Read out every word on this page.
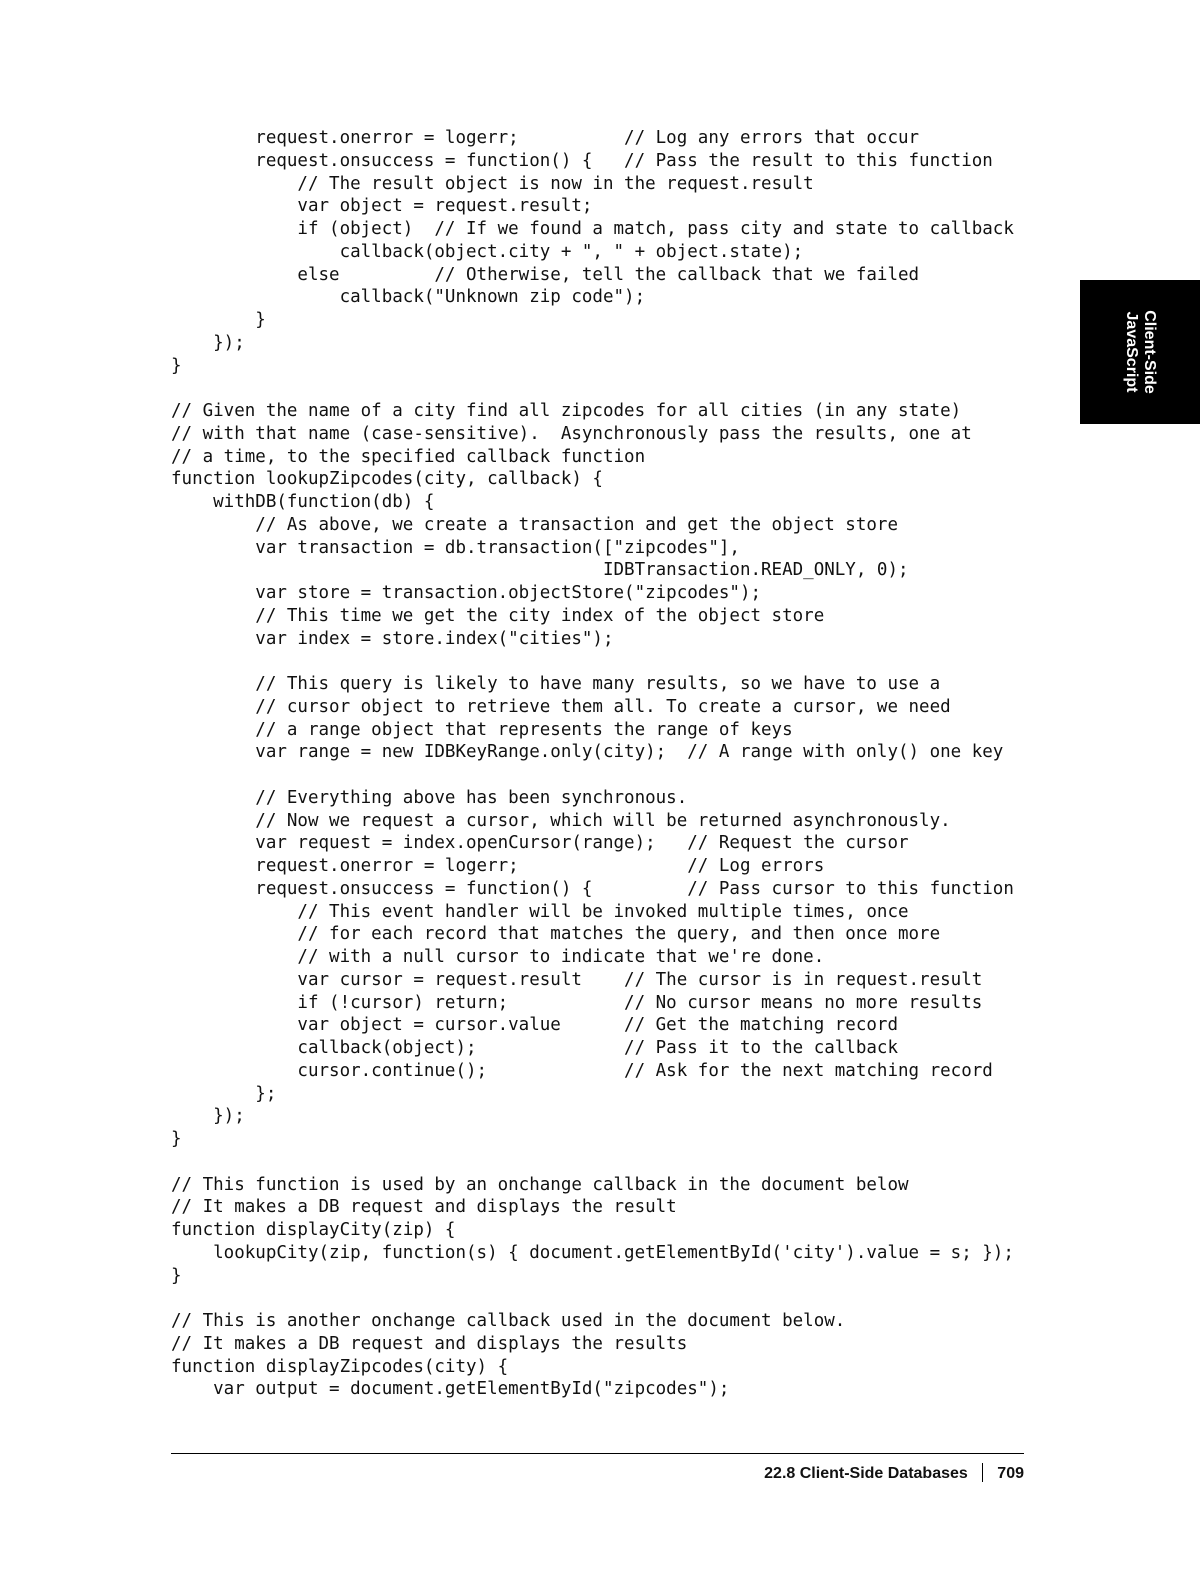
request.onerror = logerr;          // Log any errors that occur
request.onsuccess = function() {   // Pass the result to this function
// The result object is now in the request.result
var object = request.result;
if (object)  // If we found a match, pass city and state to callback
callback(object.city + ", " + object.state);
else         // Otherwise, tell the callback that we failed
callback("Unknown zip code");
}
});
}
// Given the name of a city find all zipcodes for all cities (in any state)
// with that name (case-sensitive).  Asynchronously pass the results, one at
// a time, to the specified callback function
function lookupZipcodes(city, callback) {
withDB(function(db) {
// As above, we create a transaction and get the object store
var transaction = db.transaction(["zipcodes"],
IDBTransaction.READ_ONLY, 0);
var store = transaction.objectStore("zipcodes");
// This time we get the city index of the object store
var index = store.index("cities");
// This query is likely to have many results, so we have to use a
// cursor object to retrieve them all. To create a cursor, we need
// a range object that represents the range of keys
var range = new IDBKeyRange.only(city);  // A range with only() one key
// Everything above has been synchronous.
// Now we request a cursor, which will be returned asynchronously.
var request = index.openCursor(range);   // Request the cursor
request.onerror = logerr;                // Log errors
request.onsuccess = function() {         // Pass cursor to this function
// This event handler will be invoked multiple times, once
// for each record that matches the query, and then once more
// with a null cursor to indicate that we're done.
var cursor = request.result    // The cursor is in request.result
if (!cursor) return;           // No cursor means no more results
var object = cursor.value      // Get the matching record
callback(object);              // Pass it to the callback
cursor.continue();             // Ask for the next matching record
};
});
}
// This function is used by an onchange callback in the document below
// It makes a DB request and displays the result
function displayCity(zip) {
lookupCity(zip, function(s) { document.getElementById('city').value = s; });
}
// This is another onchange callback used in the document below.
// It makes a DB request and displays the results
function displayZipcodes(city) {
var output = document.getElementById("zipcodes");
Client-Side
JavaScript
22.8 Client-Side Databases 709
